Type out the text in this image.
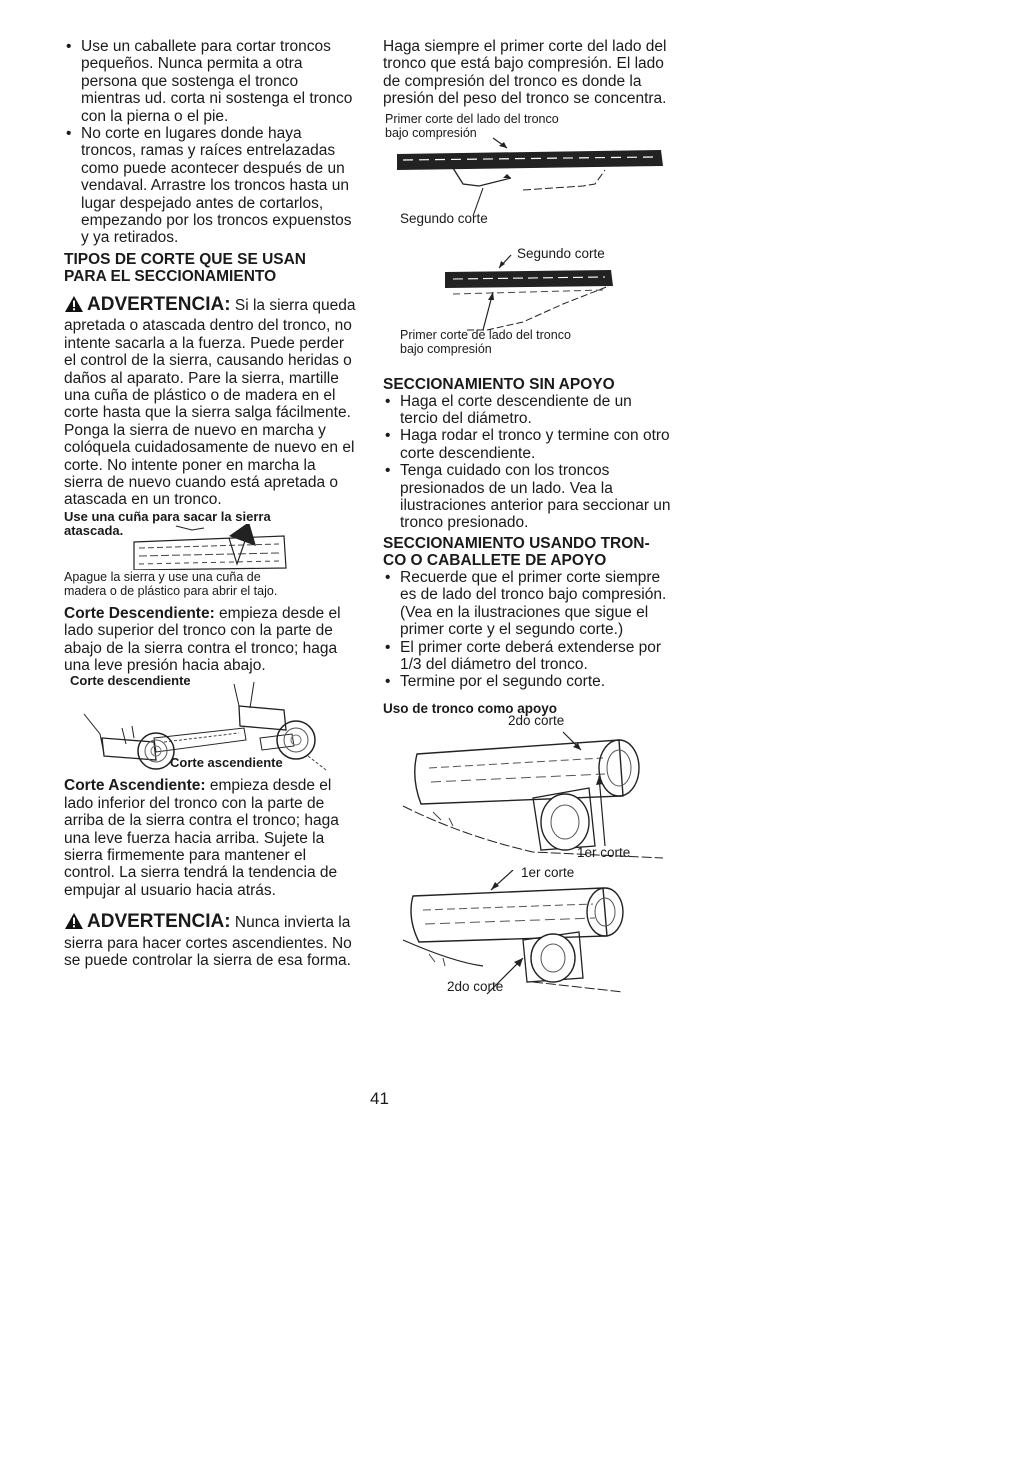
• Use un caballete para cortar troncos pequeños. Nunca permita a otra persona que sostenga el tronco mientras ud. corta ni sostenga el tronco con la pierna o el pie.
• No corte en lugares donde haya troncos, ramas y raíces entrelazadas como puede acontecer después de un vendaval. Arrastre los troncos hasta un lugar despejado antes de cortarlos, empezando por los troncos expuenstos y ya retirados.

TIPOS DE CORTE QUE SE USAN
PARA EL SECCIONAMIENTO

ADVERTENCIA: Si la sierra queda apretada o atascada dentro del tronco, no intente sacarla a la fuerza. Puede perder el control de la sierra, causando heridas o daños al aparato. Pare la sierra, martille una cuña de plástico o de madera en el corte hasta que la sierra salga fácilmente. Ponga la sierra de nuevo en marcha y colóquela cuidadosamente de nuevo en el corte. No intente poner en marcha la sierra de nuevo cuando está apretada o atascada en un tronco.

Use una cuña para sacar la sierra
atascada.
Apague la sierra y use una cuña de
madera o de plástico para abrir el tajo.

Corte Descendiente: empieza desde el lado superior del tronco con la parte de abajo de la sierra contra el tronco; haga una leve presión hacia abajo.

Corte descendiente
Corte ascendiente

Corte Ascendiente: empieza desde el lado inferior del tronco con la parte de arriba de la sierra contra el tronco; haga una leve fuerza hacia arriba. Sujete la sierra firmemente para mantener el control. La sierra tendrá la tendencia de empujar al usuario hacia atrás.

ADVERTENCIA: Nunca invierta la sierra para hacer cortes ascendientes. No se puede controlar la sierra de esa forma.

Haga siempre el primer corte del lado del tronco que está bajo compresión. El lado de compresión del tronco es donde la presión del peso del tronco se concentra.

Primer corte del lado del tronco
bajo compresión
Segundo corte
Segundo corte
Primer corte de lado del tronco
bajo compresión

SECCIONAMIENTO SIN APOYO

• Haga el corte descendiente de un tercio del diámetro.
• Haga rodar el tronco y termine con otro corte descendiente.
• Tenga cuidado con los troncos presionados de un lado. Vea la ilustraciones anterior para seccionar un tronco presionado.

SECCIONAMIENTO USANDO TRON-
CO O CABALLETE DE APOYO

• Recuerde que el primer corte siempre es de lado del tronco bajo compresión. (Vea en la ilustraciones que sigue el primer corte y el segundo corte.)
• El primer corte deberá extenderse por 1/3 del diámetro del tronco.
• Termine por el segundo corte.
Uso de tronco como apoyo
2do corte
1er corte
1er corte
2do corte
41
